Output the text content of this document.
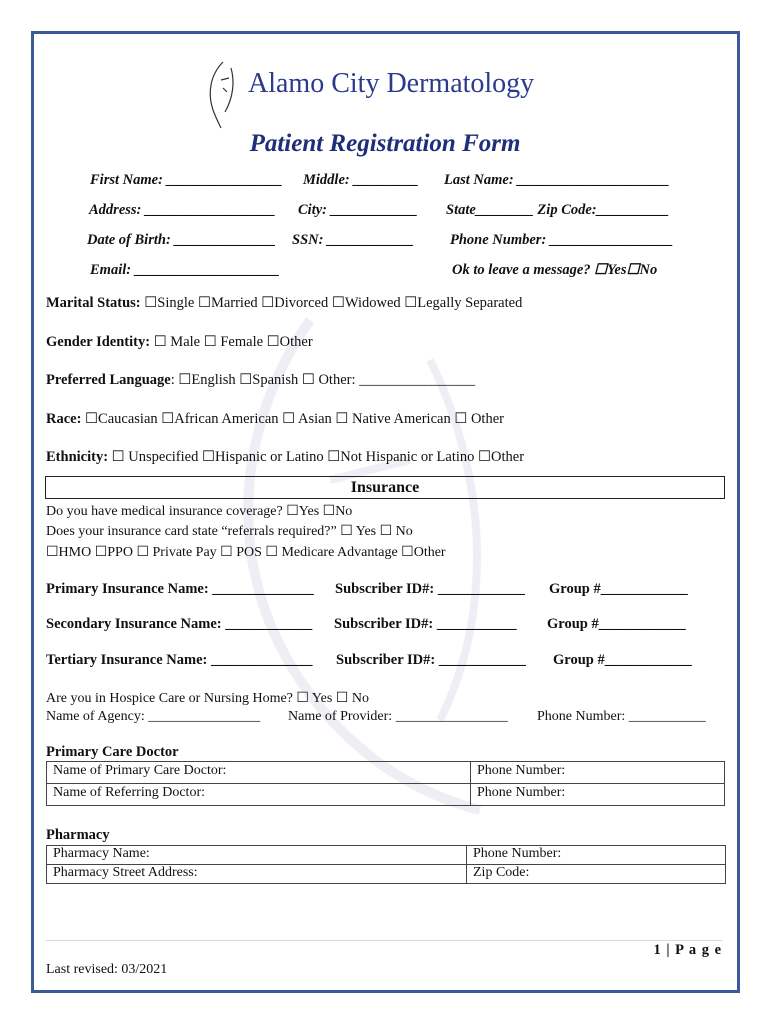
Alamo City Dermatology
Patient Registration Form
First Name: ________________ Middle: _________ Last Name: _____________________
Address: __________________ City: ____________ State________ Zip Code:__________
Date of Birth: ______________ SSN: ____________ Phone Number: _________________
Email: ____________________	Ok to leave a message? ☐Yes☐No
Marital Status: ☐Single ☐Married ☐Divorced ☐Widowed ☐Legally Separated
Gender Identity: ☐ Male ☐ Female ☐Other
Preferred Language: ☐English ☐Spanish ☐ Other: ________________
Race: ☐Caucasian ☐African American ☐ Asian ☐ Native American ☐ Other
Ethnicity: ☐ Unspecified ☐Hispanic or Latino ☐Not Hispanic or Latino ☐Other
Insurance
Do you have medical insurance coverage? ☐Yes ☐No
Does your insurance card state “referrals required?” ☐ Yes ☐ No
☐HMO ☐PPO ☐ Private Pay ☐ POS ☐ Medicare Advantage ☐Other
Primary Insurance Name: ______________ Subscriber ID#: ____________ Group #____________
Secondary Insurance Name: ____________ Subscriber ID#: ___________ Group #____________
Tertiary Insurance Name: ______________ Subscriber ID#: ____________ Group #____________
Are you in Hospice Care or Nursing Home? ☐ Yes ☐ No
Name of Agency: ________________ Name of Provider: ________________ Phone Number: ___________
Primary Care Doctor
Name of Primary Care Doctor:	Phone Number:
Name of Referring Doctor:	Phone Number:
Pharmacy
Pharmacy Name:	Phone Number:
Pharmacy Street Address:	Zip Code:
1 | P a g e
Last revised: 03/2021
